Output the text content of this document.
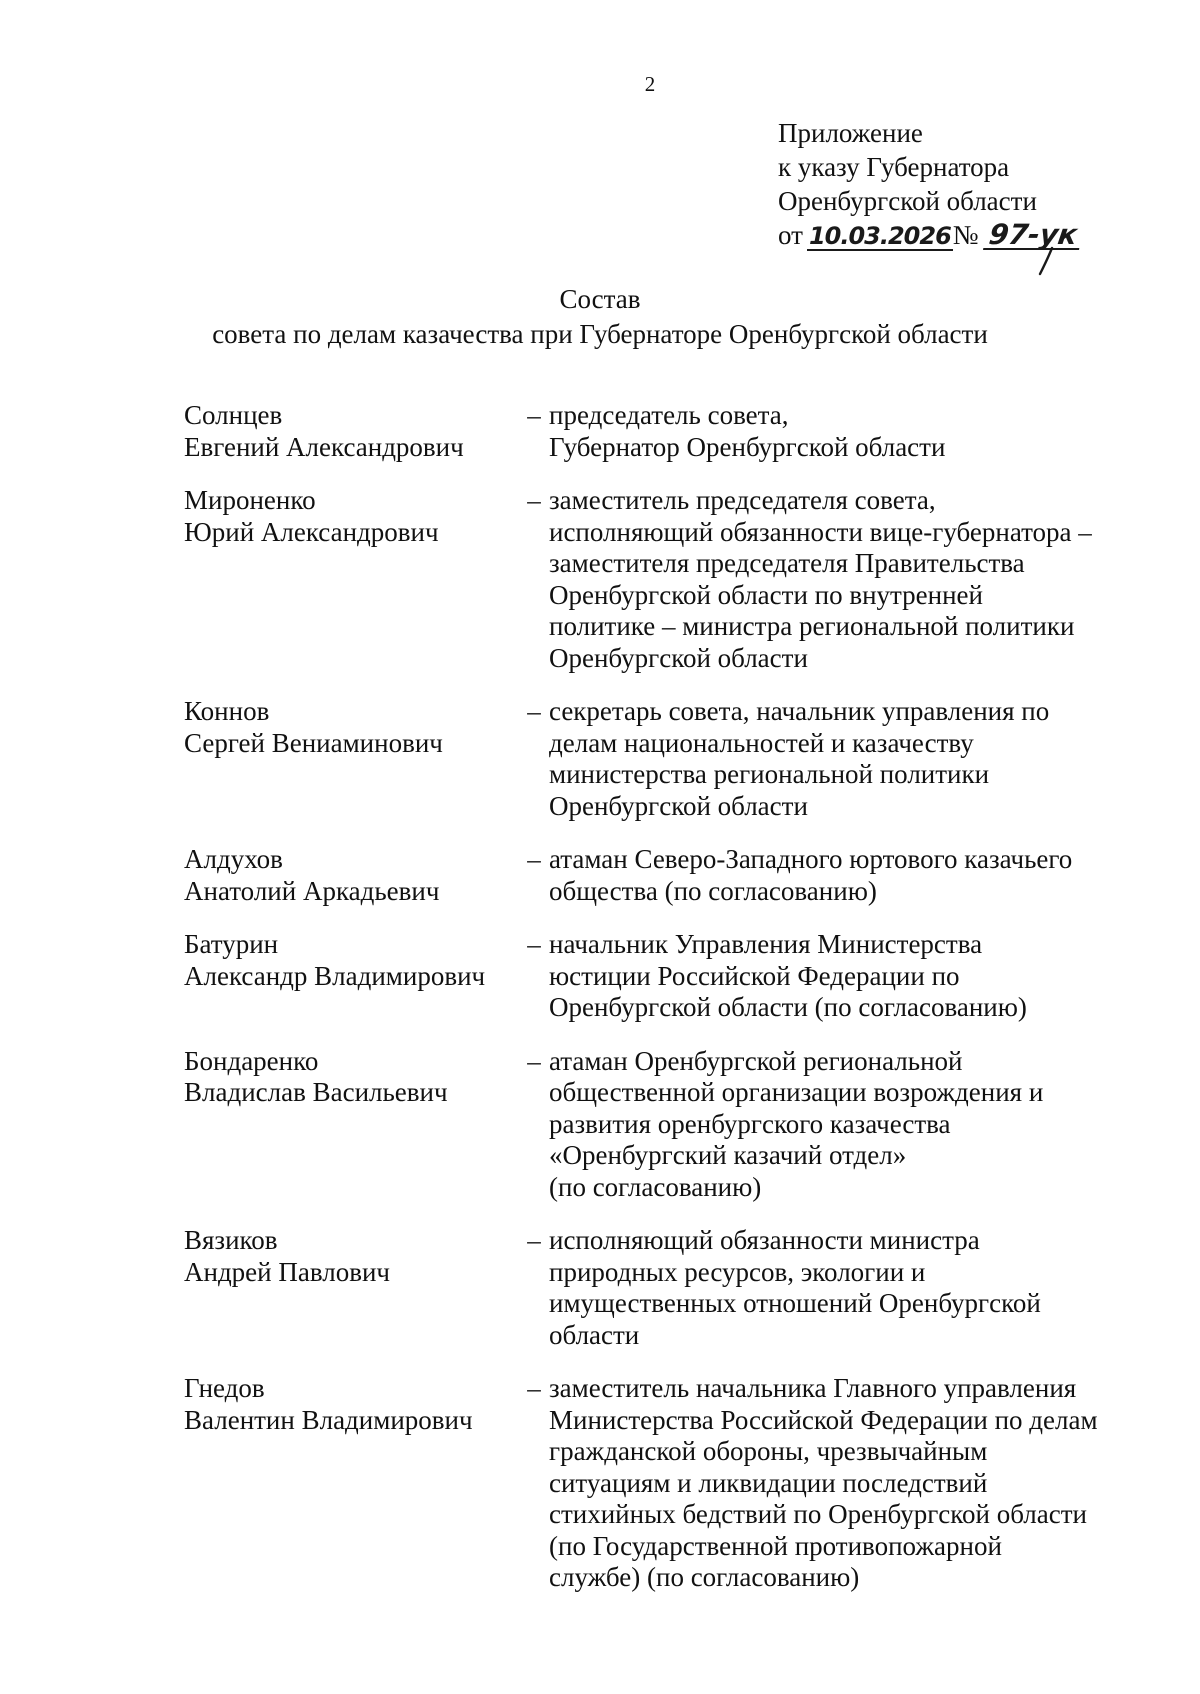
2
Приложение
к указу Губернатора
Оренбургской области
от 10.03.2026№ 97-ук
Состав
совета по делам казачества при Губернаторе Оренбургской области
Солнцев
Евгений Александрович
– председатель совета,
Губернатор Оренбургской области
Мироненко
Юрий Александрович
– заместитель председателя совета,
исполняющий обязанности вице-губернатора –
заместителя председателя Правительства
Оренбургской области по внутренней
политике – министра региональной политики
Оренбургской области
Коннов
Сергей Вениаминович
– секретарь совета, начальник управления по
делам национальностей и казачеству
министерства региональной политики
Оренбургской области
Алдухов
Анатолий Аркадьевич
– атаман Северо-Западного юртового казачьего
общества (по согласованию)
Батурин
Александр Владимирович
– начальник Управления Министерства
юстиции Российской Федерации по
Оренбургской области (по согласованию)
Бондаренко
Владислав Васильевич
– атаман Оренбургской региональной
общественной организации возрождения и
развития оренбургского казачества
«Оренбургский казачий отдел»
(по согласованию)
Вязиков
Андрей Павлович
– исполняющий обязанности министра
природных ресурсов, экологии и
имущественных отношений Оренбургской
области
Гнедов
Валентин Владимирович
– заместитель начальника Главного управления
Министерства Российской Федерации по делам
гражданской обороны, чрезвычайным
ситуациям и ликвидации последствий
стихийных бедствий по Оренбургской области
(по Государственной противопожарной
службе) (по согласованию)
